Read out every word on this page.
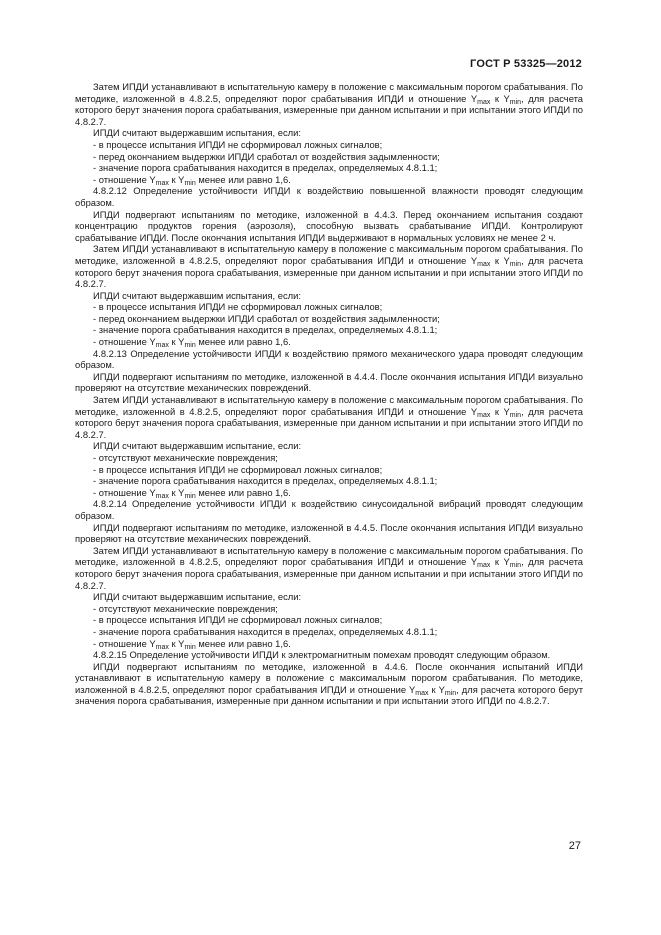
ГОСТ Р 53325—2012

Затем ИПДИ устанавливают в испытательную камеру в положение с максимальным порогом срабатывания. По методике, изложенной в 4.8.2.5, определяют порог срабатывания ИПДИ и отношение $Y_{max}$ к $Y_{min}$, для расчета которого берут значения порога срабатывания, измеренные при данном испытании и при испытании этого ИПДИ по 4.8.2.7.

ИПДИ считают выдержавшим испытания, если:

- в процессе испытания ИПДИ не сформировал ложных сигналов;

- перед окончанием выдержки ИПДИ сработал от воздействия задымленности;

- значение порога срабатывания находится в пределах, определяемых 4.8.1.1;

- отношение $Y_{max}$ к $Y_{min}$ менее или равно 1,6.

4.8.2.12 Определение устойчивости ИПДИ к воздействию повышенной влажности проводят следующим образом.

ИПДИ подвергают испытаниям по методике, изложенной в 4.4.3. Перед окончанием испытания создают концентрацию продуктов горения (аэрозоля), способную вызвать срабатывание ИПДИ. Контролируют срабатывание ИПДИ. После окончания испытания ИПДИ выдерживают в нормальных условиях не менее 2 ч.

Затем ИПДИ устанавливают в испытательную камеру в положение с максимальным порогом срабатывания. По методике, изложенной в 4.8.2.5, определяют порог срабатывания ИПДИ и отношение $Y_{max}$ к $Y_{min}$, для расчета которого берут значения порога срабатывания, измеренные при данном испытании и при испытании этого ИПДИ по 4.8.2.7.

ИПДИ считают выдержавшим испытания, если:

- в процессе испытания ИПДИ не сформировал ложных сигналов;

- перед окончанием выдержки ИПДИ сработал от воздействия задымленности;

- значение порога срабатывания находится в пределах, определяемых 4.8.1.1;

- отношение $Y_{max}$ к $Y_{min}$ менее или равно 1,6.

4.8.2.13 Определение устойчивости ИПДИ к воздействию прямого механического удара проводят следующим образом.

ИПДИ подвергают испытаниям по методике, изложенной в 4.4.4. После окончания испытания ИПДИ визуально проверяют на отсутствие механических повреждений.

Затем ИПДИ устанавливают в испытательную камеру в положение с максимальным порогом срабатывания. По методике, изложенной в 4.8.2.5, определяют порог срабатывания ИПДИ и отношение $Y_{max}$ к $Y_{min}$, для расчета которого берут значения порога срабатывания, измеренные при данном испытании и при испытании этого ИПДИ по 4.8.2.7.

ИПДИ считают выдержавшим испытание, если:

- отсутствуют механические повреждения;

- в процессе испытания ИПДИ не сформировал ложных сигналов;

- значение порога срабатывания находится в пределах, определяемых 4.8.1.1;

- отношение $Y_{max}$ к $Y_{min}$ менее или равно 1,6.

4.8.2.14 Определение устойчивости ИПДИ к воздействию синусоидальной вибраций проводят следующим образом.

ИПДИ подвергают испытаниям по методике, изложенной в 4.4.5. После окончания испытания ИПДИ визуально проверяют на отсутствие механических повреждений.

Затем ИПДИ устанавливают в испытательную камеру в положение с максимальным порогом срабатывания. По методике, изложенной в 4.8.2.5, определяют порог срабатывания ИПДИ и отношение $Y_{max}$ к $Y_{min}$, для расчета которого берут значения порога срабатывания, измеренные при данном испытании и при испытании этого ИПДИ по 4.8.2.7.

ИПДИ считают выдержавшим испытание, если:

- отсутствуют механические повреждения;

- в процессе испытания ИПДИ не сформировал ложных сигналов;

- значение порога срабатывания находится в пределах, определяемых 4.8.1.1;

- отношение $Y_{max}$ к $Y_{min}$ менее или равно 1,6.

4.8.2.15 Определение устойчивости ИПДИ к электромагнитным помехам проводят следующим образом.

ИПДИ подвергают испытаниям по методике, изложенной в 4.4.6. После окончания испытаний ИПДИ устанавливают в испытательную камеру в положение с максимальным порогом срабатывания. По методике, изложенной в 4.8.2.5, определяют порог срабатывания ИПДИ и отношение $Y_{max}$ к $Y_{min}$, для расчета которого берут значения порога срабатывания, измеренные при данном испытании и при испытании этого ИПДИ по 4.8.2.7.

27
